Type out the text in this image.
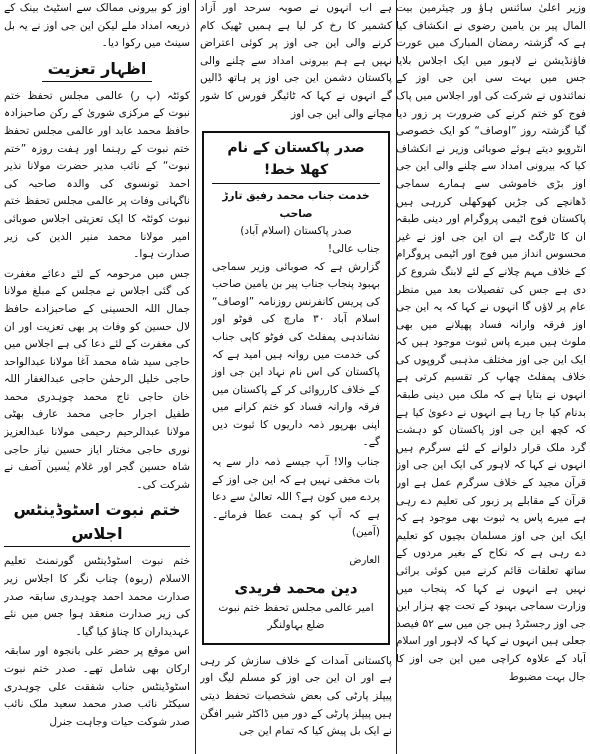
وزیر اعلیٰ سائنس ہاؤ ور چیئرمین بیت المال پیر بن یامین رضوی نے انکشاف کیا ہے کہ گزشتہ رمضان المبارک میں عورت فاؤنڈیشن نے لاہور میں ایک اجلاس بلایا جس میں بہت سی این جی اوز کے نمائندوں نے شرکت کی اور اجلاس میں پاک فوج کو ختم کرنے کی ضرورت پر زور دیا گیا گزشتہ روز ”اوصاف“ کو ایک خصوصی انٹرویو دیتے ہوئے صوبائی وزیر نے انکشاف کیا کہ بیرونی امداد سے چلنے والی این جی اوز بڑی خاموشی سے ہمارے سماجی ڈھانچے کی جڑیں کھوکھلی کررہی ہیں پاکستان فوج اٹیمی پروگرام اور دینی طبقہ ان کا ٹارگٹ ہے ان این جی اوز نے غیر محسوس انداز میں فوج اور اٹیمی پروگرام کے خلاف مہم چلانے کے لئے لابنگ شروع کر دی ہے جس کی تفصیلات بعد میں منظر عام پر لاؤں گا انہوں نے کہا کہ یہ این جی اوز فرقہ وارانہ فساد پھیلانے میں بھی ملوث ہیں میرے پاس ثبوت موجود ہیں کہ ایک این جی اوز مختلف مذہبی گروپوں کی خلاف پمفلٹ چھاپ کر تقسیم کرتی ہے انہوں نے بتایا ہے کہ ملک میں دینی طبقہ بدنام کیا جا رہا ہے انہوں نے دعویٰ کیا ہے کہ کچھ این جی اوز پاکستان کو دہشت گرد ملک قرار دلوانے کے لئے سرگرم ہیں انہوں نے کہا کہ لاہور کی ایک این جی اوز قرآن مجید کے خلاف سرگرم عمل ہے اور قرآن کے مقابلے پر زبور کی تعلیم دے رہی ہے میرے پاس یہ ثبوت بھی موجود ہے کہ ایک این جی اوز مسلمان بچیوں کو تعلیم دے رہی ہے کہ نکاح کے بغیر مردوں کے ساتھ تعلقات قائم کرنے میں کوئی برائی نہیں ہے انہوں نے کہا کہ پنجاب میں وزارت سماجی بہبود کے تحت چھ ہزار این جی اوز رجسٹرڈ ہیں جن میں سے ۵۲ فیصد جعلی ہیں انہوں نے کہا کہ لاہور اور اسلام آباد کے علاوہ کراچی میں این جی اوز کا جال بہت مضبوط

ہے اب انہوں نے صوبہ سرحد اور آزاد کشمیر کا رخ کر لیا ہے ہمیں ٹھیک کام کرنے والی این جی اوز پر کوئی اعتراض نہیں ہے ہم بیرونی امداد سے چلنے والی پاکستان دشمن این جی اوز پر ہاتھ ڈالیں گے انہوں نے کہا کہ ٹائیگر فورس کا شور مچانے والی این جی اوز

صدر پاکستان کے نام کھلا خط!
خدمت جناب محمد رفیق تارڑ صاحب
صدر پاکستان (اسلام آباد)
جناب عالی!

گزارش ہے کہ صوبائی وزیر سماجی بہبود پنجاب جناب پیر بن یامین صاحب کی پریس کانفرنس روزنامہ ”اوصاف“ اسلام آباد ۳۰ مارچ کی فوٹو اور نشاندہی پمفلٹ کی فوٹو کاپی جناب کی خدمت میں روانہ ہیں امید ہے کہ پاکستان کی اس نام نہاد این جی اوز کے خلاف کارروائی کر کے پاکستان میں فرقہ وارانہ فساد کو ختم کرانے میں اپنی بھرپور ذمہ داریوں کا ثبوت دیں گے۔

جناب والا! آپ جیسے ذمہ دار سے یہ بات مخفی نہیں ہے کہ این جی اوز کے پردے میں کون ہے؟ اللہ تعالیٰ سے دعا ہے کہ آپ کو ہمت عطا فرمائے۔ (آمین)

العارض
دین محمد فریدی
امیر عالمی مجلس تحفظ ختم نبوت
ضلع بہاولنگر

پاکستانی آمدات کے خلاف سازش کر رہی ہے اور ان این جی اوز کو مسلم لیگ اور پیپلز پارٹی کی بعض شخصیات تحفظ دیتی ہیں پیپلز پارٹی کے دور میں ڈاکٹر شیر افگن نے ایک بل پیش کیا کہ تمام این جی

اوز کو بیرونی ممالک سے اسٹیٹ بینک کے ذریعہ امداد ملے لیکن این جی اوز نے یہ بل سینٹ میں رکوا دیا۔

اظہار تعزیت

کوئٹہ (پ ر) عالمی مجلس تحفظ ختم نبوت کے مرکزی شوریٰ کے رکن صاحبزادہ حافظ محمد عابد اور عالمی مجلس تحفظ ختم نبوت کے رہنما اور ہفت روزہ ”ختم نبوت“ کے نائب مدیر حضرت مولانا نذیر احمد تونسوی کی والدہ صاحبہ کی ناگہانی وفات پر عالمی مجلس تحفظ ختم نبوت کوئٹہ کا ایک تعزیتی اجلاس صوبائی امیر مولانا محمد منیر الدین کی زیر صدارت ہوا۔

جس میں مرحومہ کے لئے دعائے مغفرت کی گئی اجلاس نے مجلس کے مبلغ مولانا جمال اللہ الحسینی کے صاحبزادے حافظ لال حسین کو وفات پر بھی تعزیت اور ان کی مغفرت کے لئے دعا کی ہے اجلاس میں حاجی سید شاہ محمد آغا مولانا عبدالواحد حاجی خلیل الرحمٰن حاجی عبدالغفار اللہ خان حاجی تاج محمد چوہدری محمد طفیل اجرار حاجی محمد عارف بھٹی مولانا عبدالرحیم رحیمی مولانا عبدالعزیز نوری حاجی مختار ایاز حسین نیاز حاجی شاہ حسین گجر اور غلام یٰسین آصف نے شرکت کی۔

ختم نبوت اسٹوڈینٹس اجلاس

ختم نبوت اسٹوڈینٹس گورنمنٹ تعلیم الاسلام (ربوہ) چناب نگر کا اجلاس زیر صدارت محمد احمد چوہدری سابقہ صدر کی زیر صدارت منعقد ہوا جس میں نئے عہدیداران کا چناؤ کیا گیا۔

اس موقع پر حضر علی بانجوہ اور سابقہ ارکان بھی شامل تھے۔ صدر ختم نبوت اسٹوڈینٹس جناب شفقت علی چوہدری سیکٹر نائب صدر محمد سعید ملک نائب صدر شوکت حیات وجاہت جنرل
